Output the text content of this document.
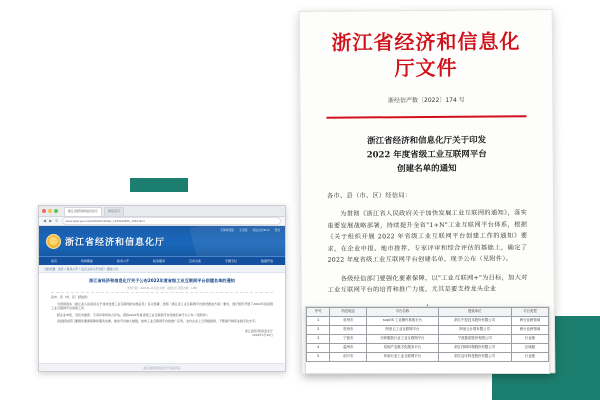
浙江省经济和信息化厅	新标签页
◀ ▶ ↻	www.zjjxw.gov.cn/art/2023/1/10/art_1229123456_1234.html
无障碍浏览 长者版 网站支持IPv6 登录
浙江省经济和信息化厅
首页	机构职能	政务公开	政务服务	互动交流	专题专栏	数据开放
当前位置：首页 > 政务公开 > 法定主动公开内容 > 通知公告
浙江省经济和信息化厅关于公布2022年度省级工业互联网平台创建名单的通知
发布日期：2023-01-10 信息来源：省经信厅 浏览次数：1286

各市、县（市、区）经信局：

为贯彻落实《浙江省人民政府关于加快发展工业互联网的实施意见》有关部署，按照《浙江省工业互联网平台建设推进方案》要求，我厅组织开展了2022年度省级工业互联网平台创建工作。

经企业申报、设区市推荐、专家评审和综合评估，现将2022年度省级工业互联网平台创建名单予以公布（见附件）。

各级经信部门要强化要素保障和服务支撑，推动平台做大做强，加快工业互联网平台的推广应用，支持企业上云用数赋智，不断提升制造业数字化水平。

浙江省经济和信息化厅
2023年1月10日
浙江省经济和信息化厅 版权所有
浙江省经济和信息化厅文件
浙经信产数〔2022〕174 号
浙江省经济和信息化厅关于印发
2022 年度省级工业互联网平台
创建名单的通知

各市、县（市、区）经信局：

为贯彻《浙江省人民政府关于加快发展工业互联网的通知》，落实重要发展战略部署，持续提升全省"1+N"工业互联网平台体系，根据《关于组织开展 2022 年省级工业互联网平台创建工作的通知》要求，在企业申报、地市推荐、专家评审和综合评估的基础上，确定了 2022 年度省级工业互联网平台创建名单，现予公布（见附件）。

各级经信部门要强化要素保障，以"工业互联网+"为目标，加大对工业互联网平台的培育和推广力度，尤其是要支持龙头企业

序号	所在地区	平台名称	建设单位	平台类型
1	杭州市	supOS 工业操作系统平台	浙江中控技术股份有限公司	跨行业跨领域
2	杭州市	阿里云工业互联网平台	阿里云计算有限公司	跨行业跨领域
3	宁波市	纺织服装行业工业互联网平台	宁波慈星股份有限公司	行业级
4	温州市	泵阀产业数字化服务平台	浙江伟明环保股份有限公司	区域级
5	绍兴市	印染行业工业互联网平台	浙江迎丰科技股份有限公司	行业级
